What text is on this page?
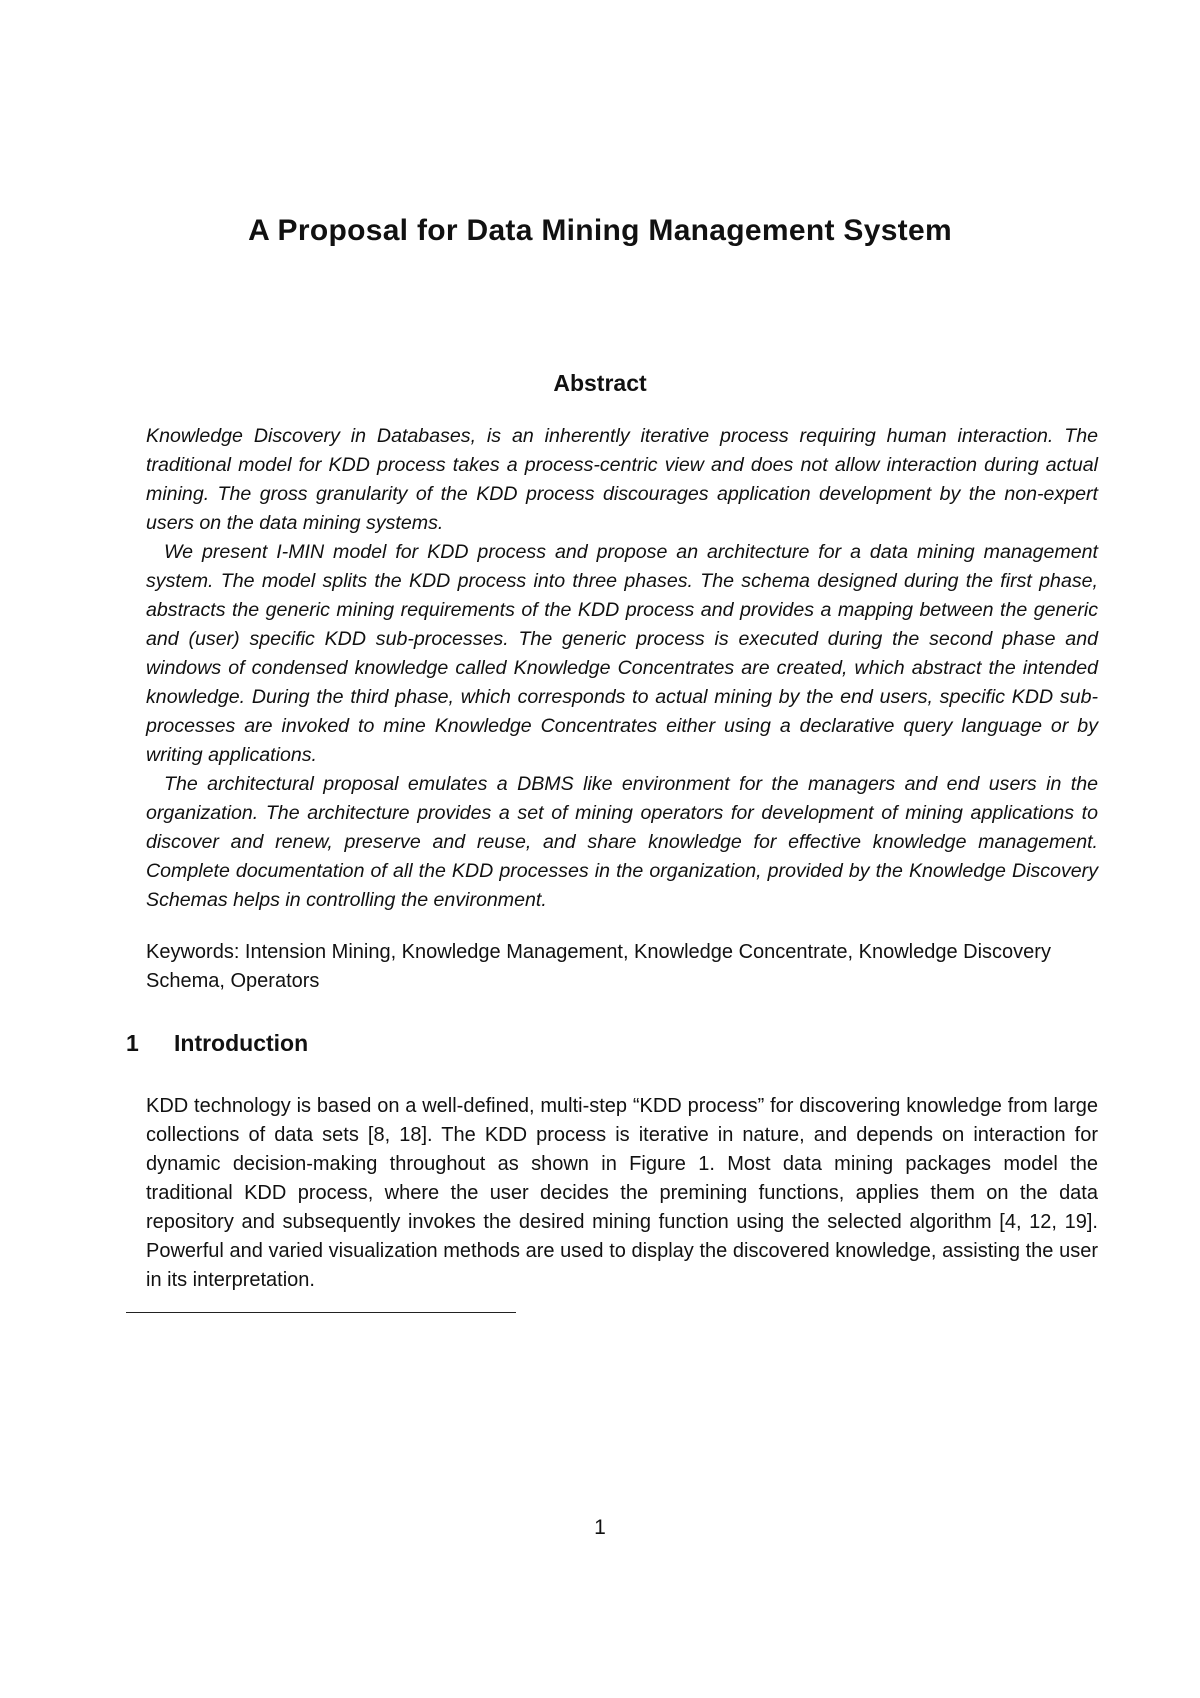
A Proposal for Data Mining Management System
Abstract

Knowledge Discovery in Databases, is an inherently iterative process requiring human interaction. The traditional model for KDD process takes a process-centric view and does not allow interaction during actual mining. The gross granularity of the KDD process discourages application development by the non-expert users on the data mining systems.

We present I-MIN model for KDD process and propose an architecture for a data mining management system. The model splits the KDD process into three phases. The schema designed during the first phase, abstracts the generic mining requirements of the KDD process and provides a mapping between the generic and (user) specific KDD sub-processes. The generic process is executed during the second phase and windows of condensed knowledge called Knowledge Concentrates are created, which abstract the intended knowledge. During the third phase, which corresponds to actual mining by the end users, specific KDD sub-processes are invoked to mine Knowledge Concentrates either using a declarative query language or by writing applications.

The architectural proposal emulates a DBMS like environment for the managers and end users in the organization. The architecture provides a set of mining operators for development of mining applications to discover and renew, preserve and reuse, and share knowledge for effective knowledge management. Complete documentation of all the KDD processes in the organization, provided by the Knowledge Discovery Schemas helps in controlling the environment.

Keywords: Intension Mining, Knowledge Management, Knowledge Concentrate, Knowledge Discovery Schema, Operators

1	Introduction

KDD technology is based on a well-defined, multi-step “KDD process” for discovering knowledge from large collections of data sets [8, 18]. The KDD process is iterative in nature, and depends on interaction for dynamic decision-making throughout as shown in Figure 1. Most data mining packages model the traditional KDD process, where the user decides the premining functions, applies them on the data repository and subsequently invokes the desired mining function using the selected algorithm [4, 12, 19]. Powerful and varied visualization methods are used to display the discovered knowledge, assisting the user in its interpretation.

1
